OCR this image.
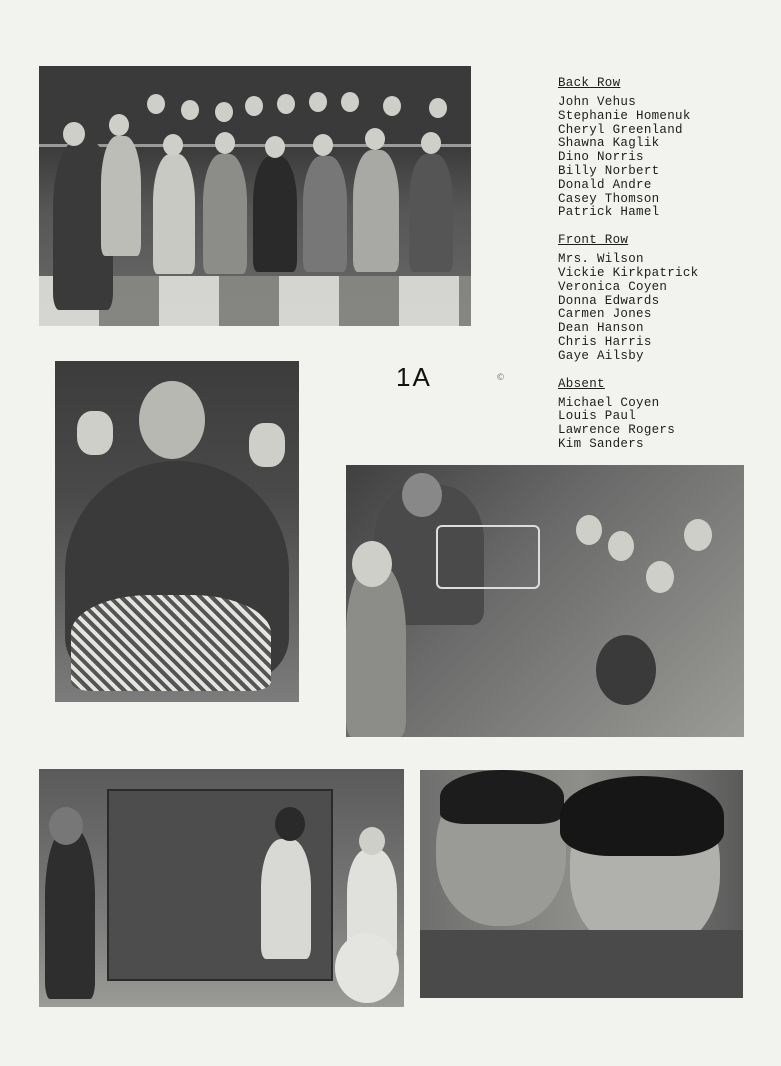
1A	©
Back Row
John Vehus
Stephanie Homenuk
Cheryl Greenland
Shawna Kaglik
Dino Norris
Billy Norbert
Donald Andre
Casey Thomson
Patrick Hamel
Front Row
Mrs. Wilson
Vickie Kirkpatrick
Veronica Coyen
Donna Edwards
Carmen Jones
Dean Hanson
Chris Harris
Gaye Ailsby
Absent
Michael Coyen
Louis Paul
Lawrence Rogers
Kim Sanders
